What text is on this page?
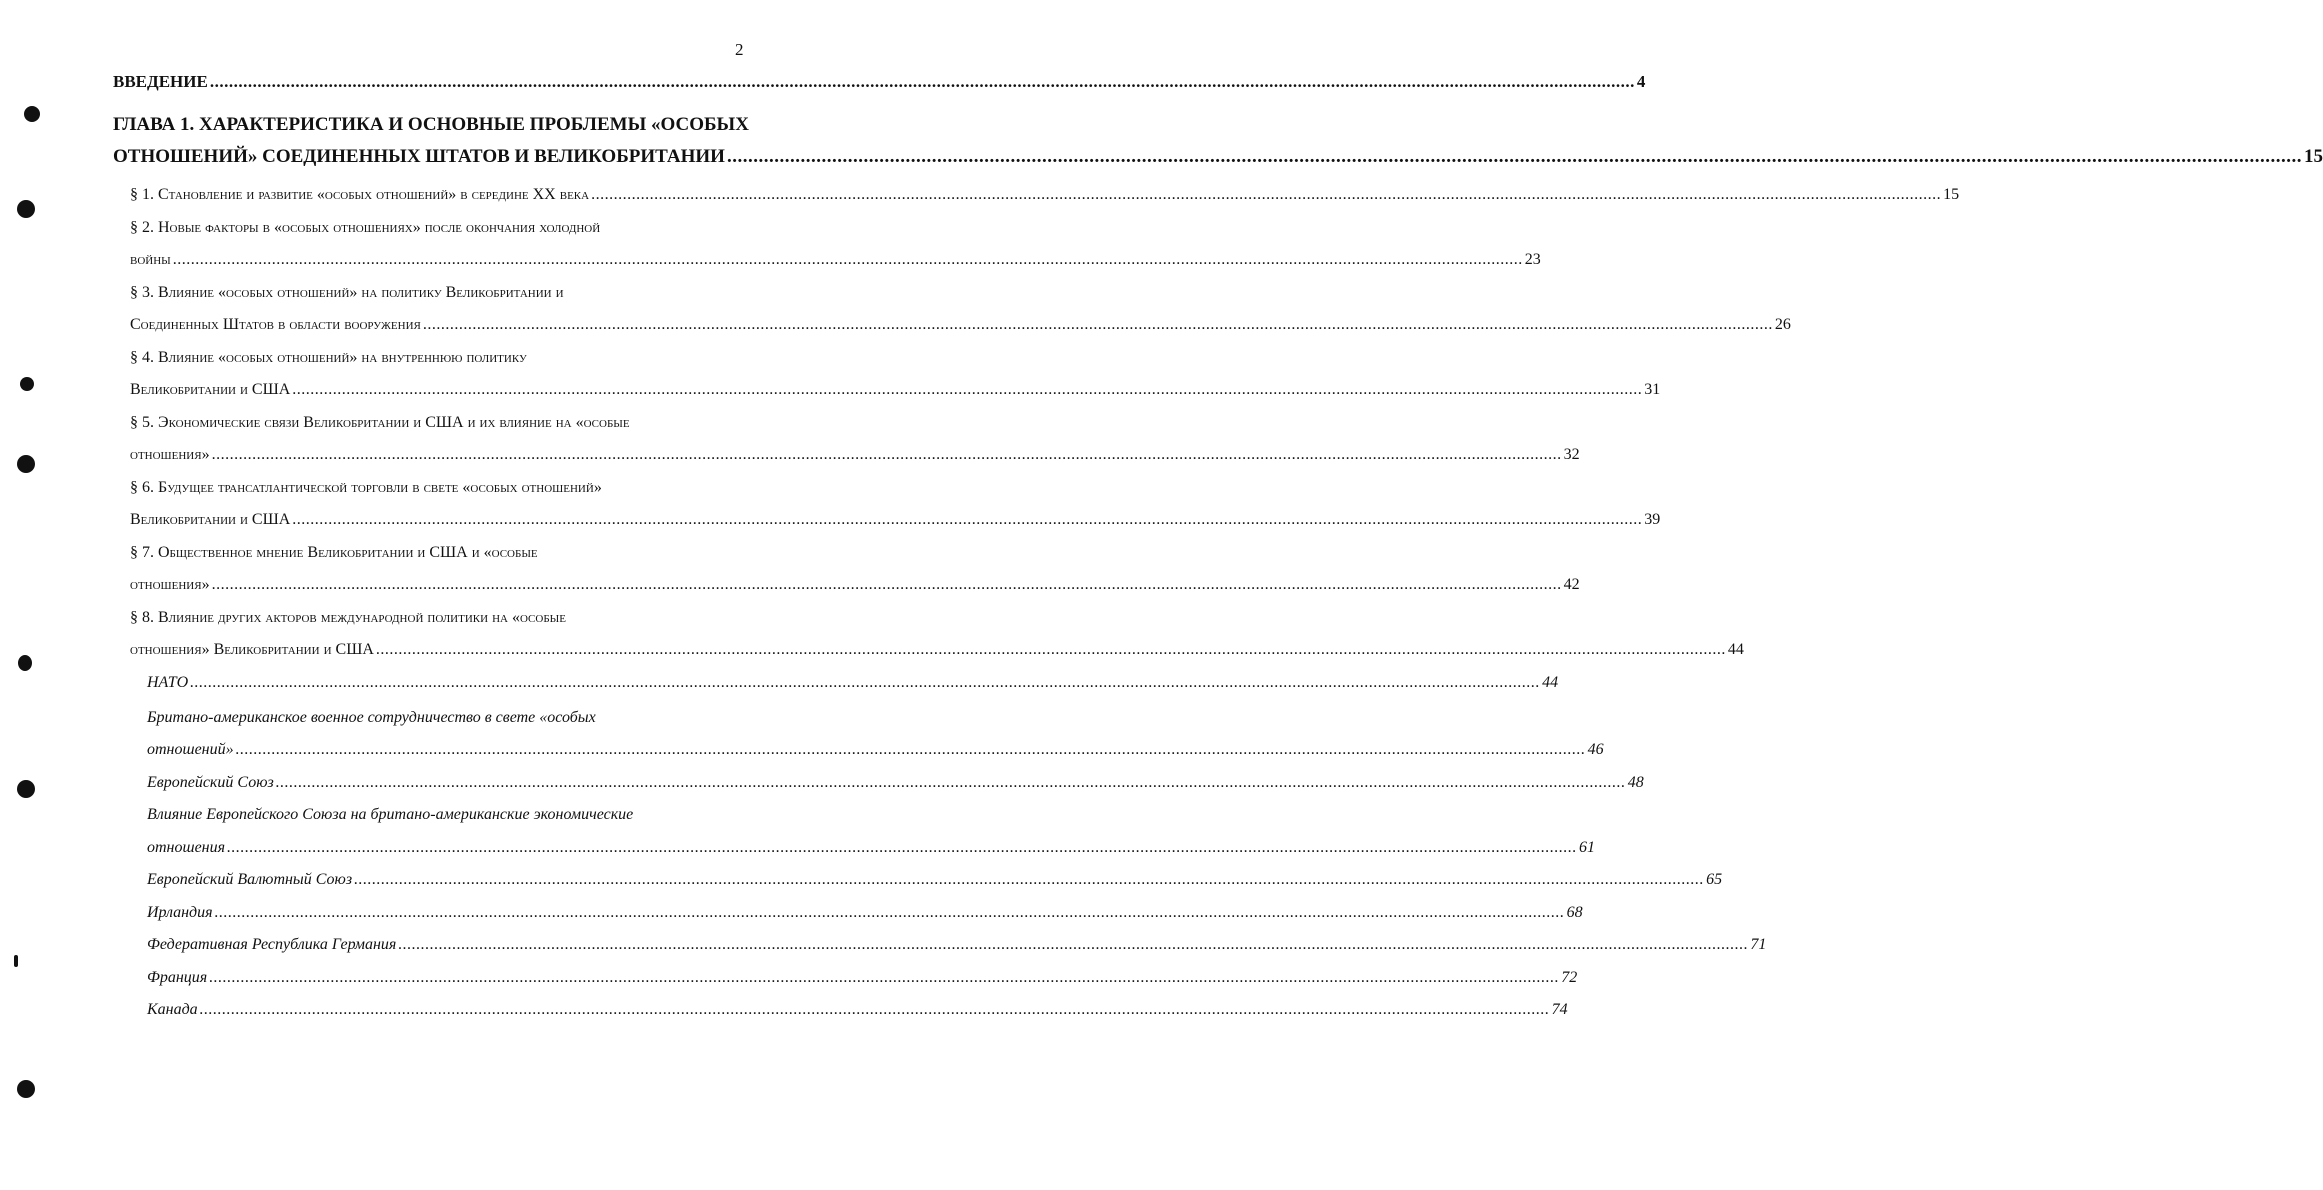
2
ВВЕДЕНИЕ ............................................................................................................................................................................................................................................................................................................ 4
ГЛАВА 1. ХАРАКТЕРИСТИКА И ОСНОВНЫЕ ПРОБЛЕМЫ «ОСОБЫХ
ОТНОШЕНИЙ» СОЕДИНЕННЫХ ШТАТОВ И ВЕЛИКОБРИТАНИИ ............................................................................................................................................................................................................................................................................................................ 15
§ 1. Становление и развитие «особых отношений» в середине XX века ............................................................................................................................................................................................................................................................................................................ 15
§ 2. Новые факторы в «особых отношениях» после окончания холодной
войны ............................................................................................................................................................................................................................................................................................................ 23
§ 3. Влияние «особых отношений» на политику Великобритании и
Соединенных Штатов в области вооружения ............................................................................................................................................................................................................................................................................................................ 26
§ 4. Влияние «особых отношений» на внутреннюю политику
Великобритании и США ............................................................................................................................................................................................................................................................................................................ 31
§ 5. Экономические связи Великобритании и США и их влияние на «особые
отношения» ............................................................................................................................................................................................................................................................................................................ 32
§ 6. Будущее трансатлантической торговли в свете «особых отношений»
Великобритании и США ............................................................................................................................................................................................................................................................................................................ 39
§ 7. Общественное мнение Великобритании и США и «особые
отношения» ............................................................................................................................................................................................................................................................................................................ 42
§ 8. Влияние других акторов международной политики на «особые
отношения» Великобритании и США ............................................................................................................................................................................................................................................................................................................ 44
НАТО ............................................................................................................................................................................................................................................................................................................ 44
Британо-американское военное сотрудничество в свете «особых
отношений» ............................................................................................................................................................................................................................................................................................................ 46
Европейский Союз ............................................................................................................................................................................................................................................................................................................ 48
Влияние Европейского Союза на британо-американские экономические
отношения ............................................................................................................................................................................................................................................................................................................ 61
Европейский Валютный Союз ............................................................................................................................................................................................................................................................................................................ 65
Ирландия ............................................................................................................................................................................................................................................................................................................ 68
Федеративная Республика Германия ............................................................................................................................................................................................................................................................................................................ 71
Франция ............................................................................................................................................................................................................................................................................................................ 72
Канада ............................................................................................................................................................................................................................................................................................................ 74
